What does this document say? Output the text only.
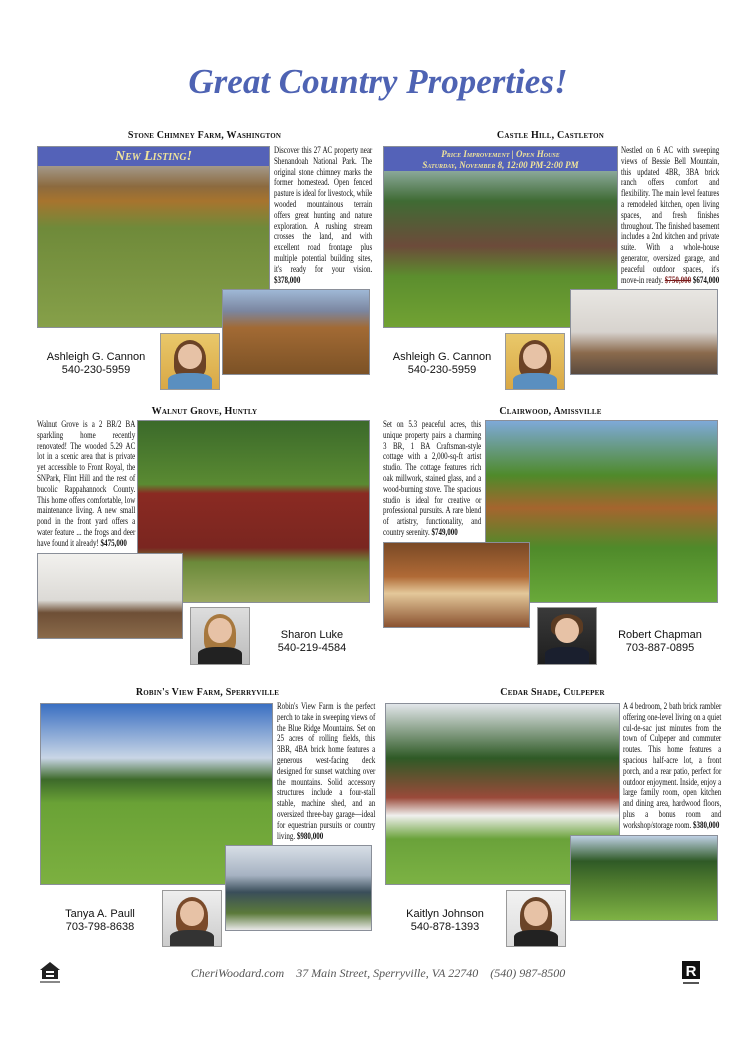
Great Country Properties!
Stone Chimney Farm, Washington
New Listing!	Discover this 27 AC property near Shenandoah National Park. The original stone chimney marks the former homestead. Open fenced pasture is ideal for livestock, while wooded mountainous terrain offers great hunting and nature exploration. A rushing stream crosses the land, and with excellent road frontage plus multiple potential building sites, it's ready for your vision. $378,000
Ashleigh G. Cannon
540-230-5959
Castle Hill, Castleton
Price Improvement | Open House
Saturday, November 8, 12:00 PM-2:00 PM
Nestled on 6 AC with sweeping views of Bessie Bell Mountain, this updated 4BR, 3BA brick ranch offers comfort and flexibility. The main level features a remodeled kitchen, open living spaces, and fresh finishes throughout. The finished basement includes a 2nd kitchen and private suite. With a whole-house generator, oversized garage, and peaceful outdoor spaces, it's move-in ready. $750,000 $674,000
Ashleigh G. Cannon
540-230-5959
Walnut Grove, Huntly
Walnut Grove is a 2 BR/2 BA sparkling home recently renovated! The wooded 5.29 AC lot in a scenic area that is private yet accessible to Front Royal, the SNPark, Flint Hill and the rest of bucolic Rappahannock County. This home offers comfortable, low maintenance living. A new small pond in the front yard offers a water feature ... the frogs and deer have found it already! $475,000
Sharon Luke
540-219-4584
Clairwood, Amissville
Set on 5.3 peaceful acres, this unique property pairs a charming 3 BR, 1 BA Craftsman-style cottage with a 2,000-sq-ft artist studio. The cottage features rich oak millwork, stained glass, and a wood-burning stove. The spacious studio is ideal for creative or professional pursuits. A rare blend of artistry, functionality, and country serenity. $749,000
Robert Chapman
703-887-0895
Robin's View Farm, Sperryville
Robin's View Farm is the perfect perch to take in sweeping views of the Blue Ridge Mountains. Set on 25 acres of rolling fields, this 3BR, 4BA brick home features a generous west-facing deck designed for sunset watching over the mountains. Solid accessory structures include a four-stall stable, machine shed, and an oversized three-bay garage—ideal for equestrian pursuits or country living. $980,000
Tanya A. Paull
703-798-8638
Cedar Shade, Culpeper
A 4 bedroom, 2 bath brick rambler offering one-level living on a quiet cul-de-sac just minutes from the town of Culpeper and commuter routes. This home features a spacious half-acre lot, a front porch, and a rear patio, perfect for outdoor enjoyment. Inside, enjoy a large family room, open kitchen and dining area, hardwood floors, plus a bonus room and workshop/storage room. $380,000
Kaitlyn Johnson
540-878-1393
CheriWoodard.com 37 Main Street, Sperryville, VA 22740 (540) 987-8500	R
